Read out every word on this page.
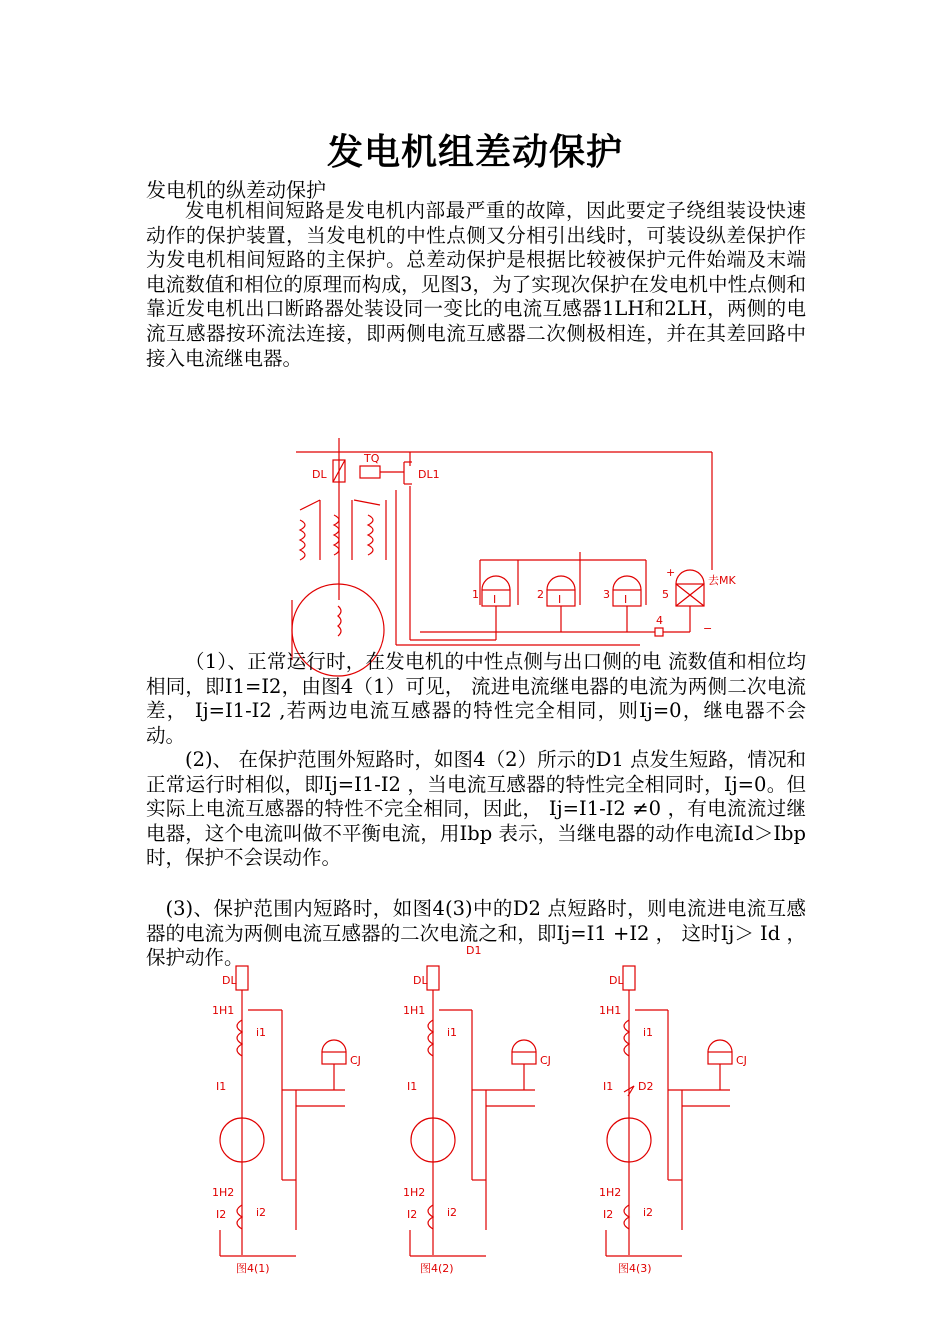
DL
TQ
DL1
1	2	3	5
4
I	I	I
去MK
+
−
DL
1H1
i1
I1
CJ
1H2
I2	i2
图4(1)
DL
1H1
i1
I1
CJ
1H2
I2	i2
D1
图4(2)
DL
1H1
i1
I1 D2
CJ
1H2
I2	i2
图4(3)
发电机组差动保护

发电机的纵差动保护

发电机相间短路是发电机内部最严重的故障，因此要定子绕组装设快速动作的保护装置，当发电机的中性点侧又分相引出线时，可装设纵差保护作为发电机相间短路的主保护。总差动保护是根据比较被保护元件始端及末端电流数值和相位的原理而构成，见图3，为了实现次保护在发电机中性点侧和靠近发电机出口断路器处装设同一变比的电流互感器1LH和2LH，两侧的电流互感器按环流法连接，即两侧电流互感器二次侧极相连，并在其差回路中接入电流继电器。

（1）、正常运行时，在发电机的中性点侧与出口侧的电 流数值和相位均相同，即I1=I2，由图4（1）可见， 流进电流继电器的电流为两侧二次电流差， Ij=I1-I2 ,若两边电流互感器的特性完全相同，则Ij=0，继电器不会动。

(2)、 在保护范围外短路时，如图4（2）所示的D1 点发生短路，情况和正常运行时相似，即Ij=I1-I2 ，当电流互感器的特性完全相同时，Ij=0。但实际上电流互感器的特性不完全相同，因此， Ij=I1-I2 ≠0 ，有电流流过继电器，这个电流叫做不平衡电流，用Ibp 表示，当继电器的动作电流Id＞Ibp 时，保护不会误动作。

(3)、保护范围内短路时，如图4(3)中的D2 点短路时，则电流进电流互感器的电流为两侧电流互感器的二次电流之和，即Ij=I1 +I2 ， 这时Ij＞ Id ， 保护动作。
